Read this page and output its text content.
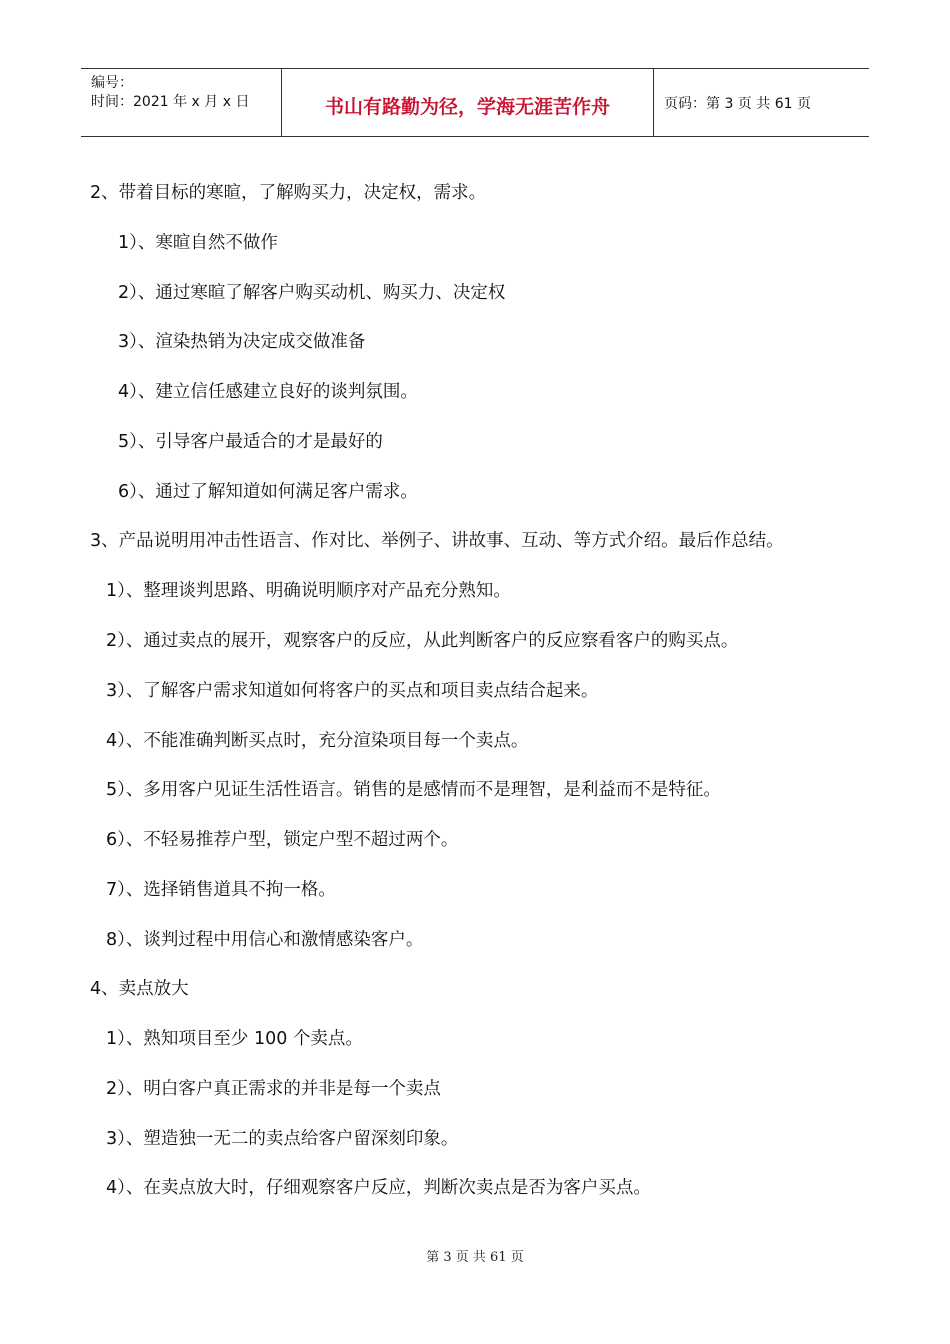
编号：
时间：2021 年 x 月 x 日	书山有路勤为径，学海无涯苦作舟	页码：第 3 页 共 61 页
2、带着目标的寒暄，了解购买力，决定权，需求。
1）、寒暄自然不做作
2）、通过寒暄了解客户购买动机、购买力、决定权
3）、渲染热销为决定成交做准备
4）、建立信任感建立良好的谈判氛围。
5）、引导客户最适合的才是最好的
6）、通过了解知道如何满足客户需求。
3、产品说明用冲击性语言、作对比、举例子、讲故事、互动、等方式介绍。最后作总结。
1）、整理谈判思路、明确说明顺序对产品充分熟知。
2）、通过卖点的展开，观察客户的反应，从此判断客户的反应察看客户的购买点。
3）、了解客户需求知道如何将客户的买点和项目卖点结合起来。
4）、不能准确判断买点时，充分渲染项目每一个卖点。
5）、多用客户见证生活性语言。销售的是感情而不是理智，是利益而不是特征。
6）、不轻易推荐户型，锁定户型不超过两个。
7）、选择销售道具不拘一格。
8）、谈判过程中用信心和激情感染客户。
4、卖点放大
1）、熟知项目至少 100 个卖点。
2）、明白客户真正需求的并非是每一个卖点
3）、塑造独一无二的卖点给客户留深刻印象。
4）、在卖点放大时，仔细观察客户反应，判断次卖点是否为客户买点。
第 3 页 共 61 页
